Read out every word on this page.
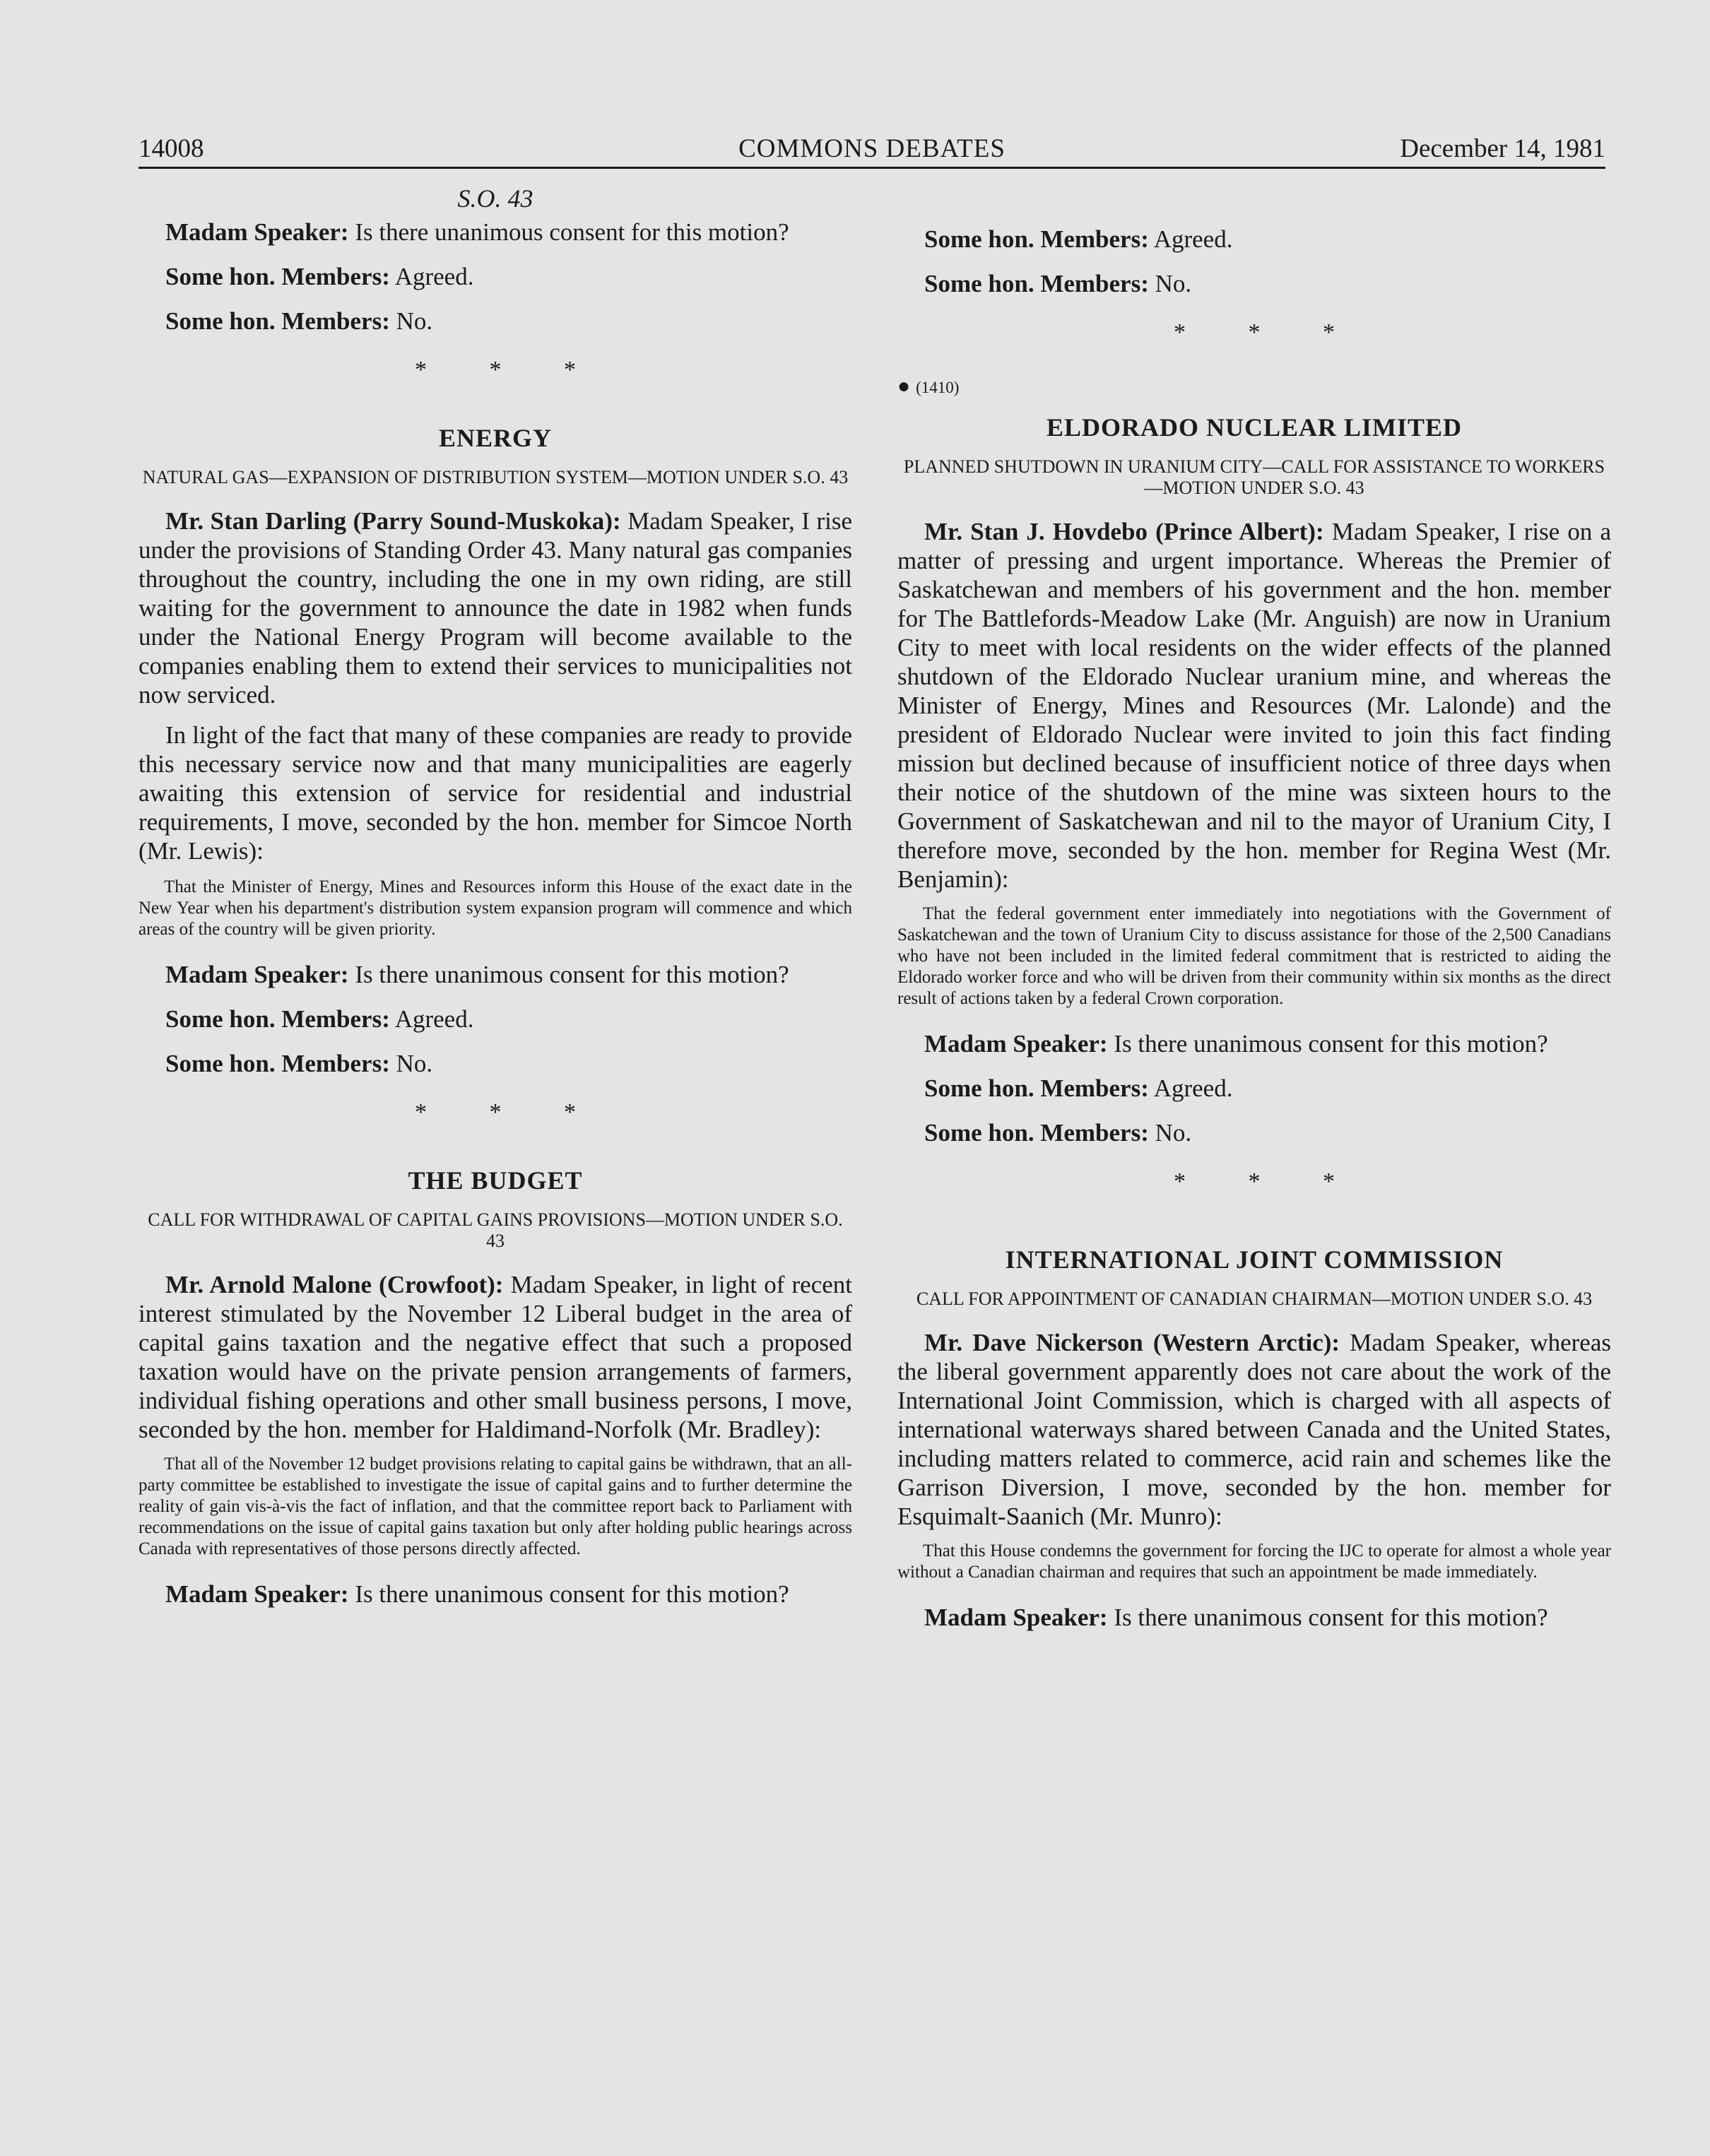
14008	COMMONS DEBATES	December 14, 1981

S.O. 43

Madam Speaker: Is there unanimous consent for this motion?

Some hon. Members: Agreed.

Some hon. Members: No.

* * *

ENERGY

NATURAL GAS—EXPANSION OF DISTRIBUTION SYSTEM—MOTION UNDER S.O. 43

Mr. Stan Darling (Parry Sound-Muskoka): Madam Speaker, I rise under the provisions of Standing Order 43. Many natural gas companies throughout the country, including the one in my own riding, are still waiting for the government to announce the date in 1982 when funds under the National Energy Program will become available to the companies enabling them to extend their services to municipalities not now serviced.

In light of the fact that many of these companies are ready to provide this necessary service now and that many municipalities are eagerly awaiting this extension of service for residential and industrial requirements, I move, seconded by the hon. member for Simcoe North (Mr. Lewis):

That the Minister of Energy, Mines and Resources inform this House of the exact date in the New Year when his department's distribution system expansion program will commence and which areas of the country will be given priority.

Madam Speaker: Is there unanimous consent for this motion?

Some hon. Members: Agreed.

Some hon. Members: No.

* * *

THE BUDGET

CALL FOR WITHDRAWAL OF CAPITAL GAINS PROVISIONS—MOTION UNDER S.O. 43

Mr. Arnold Malone (Crowfoot): Madam Speaker, in light of recent interest stimulated by the November 12 Liberal budget in the area of capital gains taxation and the negative effect that such a proposed taxation would have on the private pension arrangements of farmers, individual fishing operations and other small business persons, I move, seconded by the hon. member for Haldimand-Norfolk (Mr. Bradley):

That all of the November 12 budget provisions relating to capital gains be withdrawn, that an all-party committee be established to investigate the issue of capital gains and to further determine the reality of gain vis-à-vis the fact of inflation, and that the committee report back to Parliament with recommendations on the issue of capital gains taxation but only after holding public hearings across Canada with representatives of those persons directly affected.

Madam Speaker: Is there unanimous consent for this motion?

Some hon. Members: Agreed.

Some hon. Members: No.

* * *

● (1410)

ELDORADO NUCLEAR LIMITED

PLANNED SHUTDOWN IN URANIUM CITY—CALL FOR ASSISTANCE TO WORKERS—MOTION UNDER S.O. 43

Mr. Stan J. Hovdebo (Prince Albert): Madam Speaker, I rise on a matter of pressing and urgent importance. Whereas the Premier of Saskatchewan and members of his government and the hon. member for The Battlefords-Meadow Lake (Mr. Anguish) are now in Uranium City to meet with local residents on the wider effects of the planned shutdown of the Eldorado Nuclear uranium mine, and whereas the Minister of Energy, Mines and Resources (Mr. Lalonde) and the president of Eldorado Nuclear were invited to join this fact finding mission but declined because of insufficient notice of three days when their notice of the shutdown of the mine was sixteen hours to the Government of Saskatchewan and nil to the mayor of Uranium City, I therefore move, seconded by the hon. member for Regina West (Mr. Benjamin):

That the federal government enter immediately into negotiations with the Government of Saskatchewan and the town of Uranium City to discuss assistance for those of the 2,500 Canadians who have not been included in the limited federal commitment that is restricted to aiding the Eldorado worker force and who will be driven from their community within six months as the direct result of actions taken by a federal Crown corporation.

Madam Speaker: Is there unanimous consent for this motion?

Some hon. Members: Agreed.

Some hon. Members: No.

* * *

INTERNATIONAL JOINT COMMISSION

CALL FOR APPOINTMENT OF CANADIAN CHAIRMAN—MOTION UNDER S.O. 43

Mr. Dave Nickerson (Western Arctic): Madam Speaker, whereas the liberal government apparently does not care about the work of the International Joint Commission, which is charged with all aspects of international waterways shared between Canada and the United States, including matters related to commerce, acid rain and schemes like the Garrison Diversion, I move, seconded by the hon. member for Esquimalt-Saanich (Mr. Munro):

That this House condemns the government for forcing the IJC to operate for almost a whole year without a Canadian chairman and requires that such an appointment be made immediately.

Madam Speaker: Is there unanimous consent for this motion?
